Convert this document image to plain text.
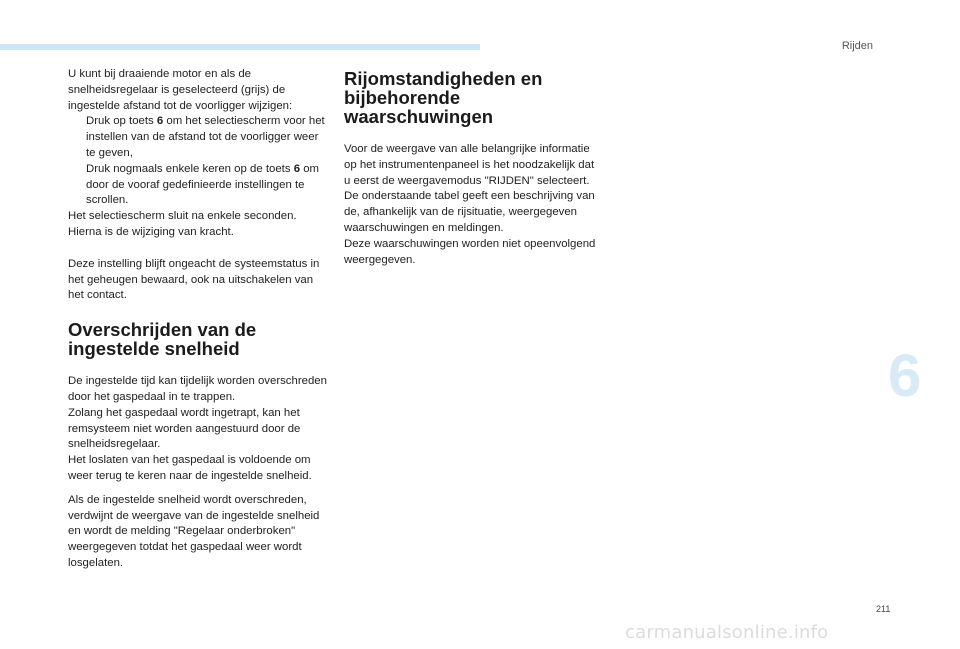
Rijden
6
211

U kunt bij draaiende motor en als de snelheidsregelaar is geselecteerd (grijs) de ingestelde afstand tot de voorligger wijzigen:

Druk op toets 6 om het selectiescherm voor het instellen van de afstand tot de voorligger weer te geven,
Druk nogmaals enkele keren op de toets 6 om door de vooraf gedefinieerde instellingen te scrollen.

Het selectiescherm sluit na enkele seconden.

Hierna is de wijziging van kracht.

Deze instelling blijft ongeacht de systeemstatus in het geheugen bewaard, ook na uitschakelen van het contact.

Overschrijden van de ingestelde snelheid

De ingestelde tijd kan tijdelijk worden overschreden door het gaspedaal in te trappen.

Zolang het gaspedaal wordt ingetrapt, kan het remsysteem niet worden aangestuurd door de snelheidsregelaar.

Het loslaten van het gaspedaal is voldoende om weer terug te keren naar de ingestelde snelheid.

Als de ingestelde snelheid wordt overschreden, verdwijnt de weergave van de ingestelde snelheid en wordt de melding "Regelaar onderbroken" weergegeven totdat het gaspedaal weer wordt losgelaten.

Rijomstandigheden en bijbehorende waarschuwingen

Voor de weergave van alle belangrijke informatie op het instrumentenpaneel is het noodzakelijk dat u eerst de weergavemodus "RIJDEN" selecteert.

De onderstaande tabel geeft een beschrijving van de, afhankelijk van de rijsituatie, weergegeven waarschuwingen en meldingen.

Deze waarschuwingen worden niet opeenvolgend weergegeven.

carmanualsonline.info
